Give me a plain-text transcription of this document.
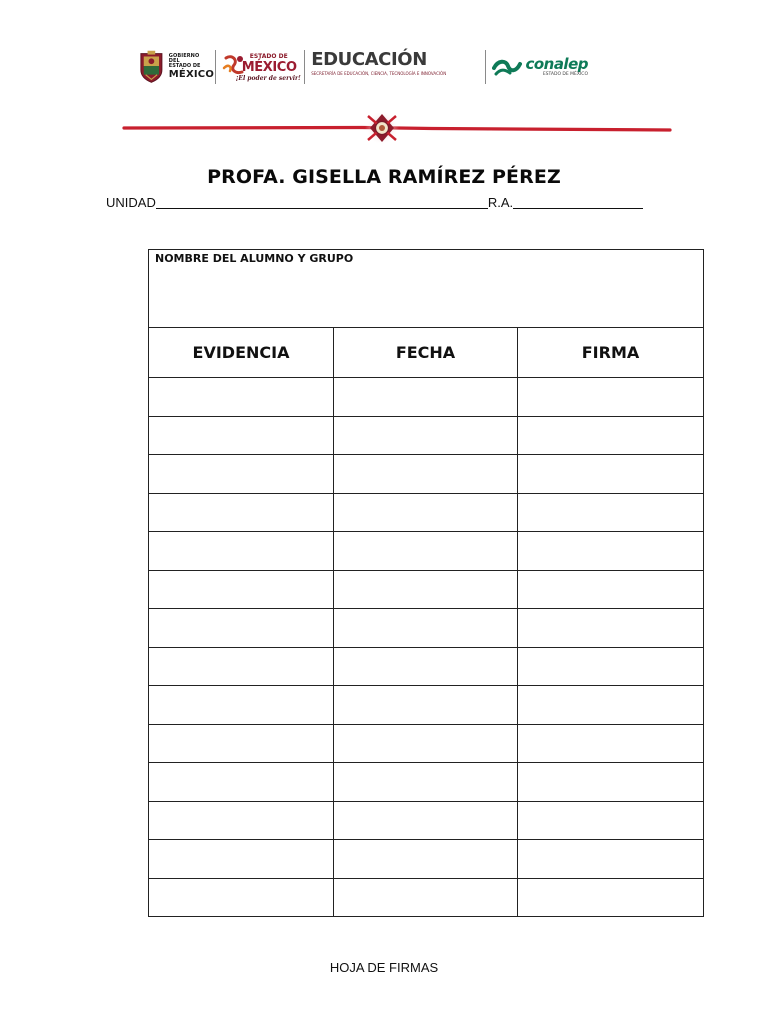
GOBIERNO DEL
ESTADO DE
MÉXICO
ESTADO DE
MÉXICO
¡El poder de servir!
EDUCACIÓN
SECRETARÍA DE EDUCACIÓN, CIENCIA, TECNOLOGÍA E INNOVACIÓN
conalep
ESTADO DE MÉXICO
PROFA. GISELLA RAMÍREZ PÉREZ
UNIDAD	R.A.
NOMBRE DEL ALUMNO Y GRUPO		
EVIDENCIA	FECHA	FIRMA

HOJA DE FIRMAS
